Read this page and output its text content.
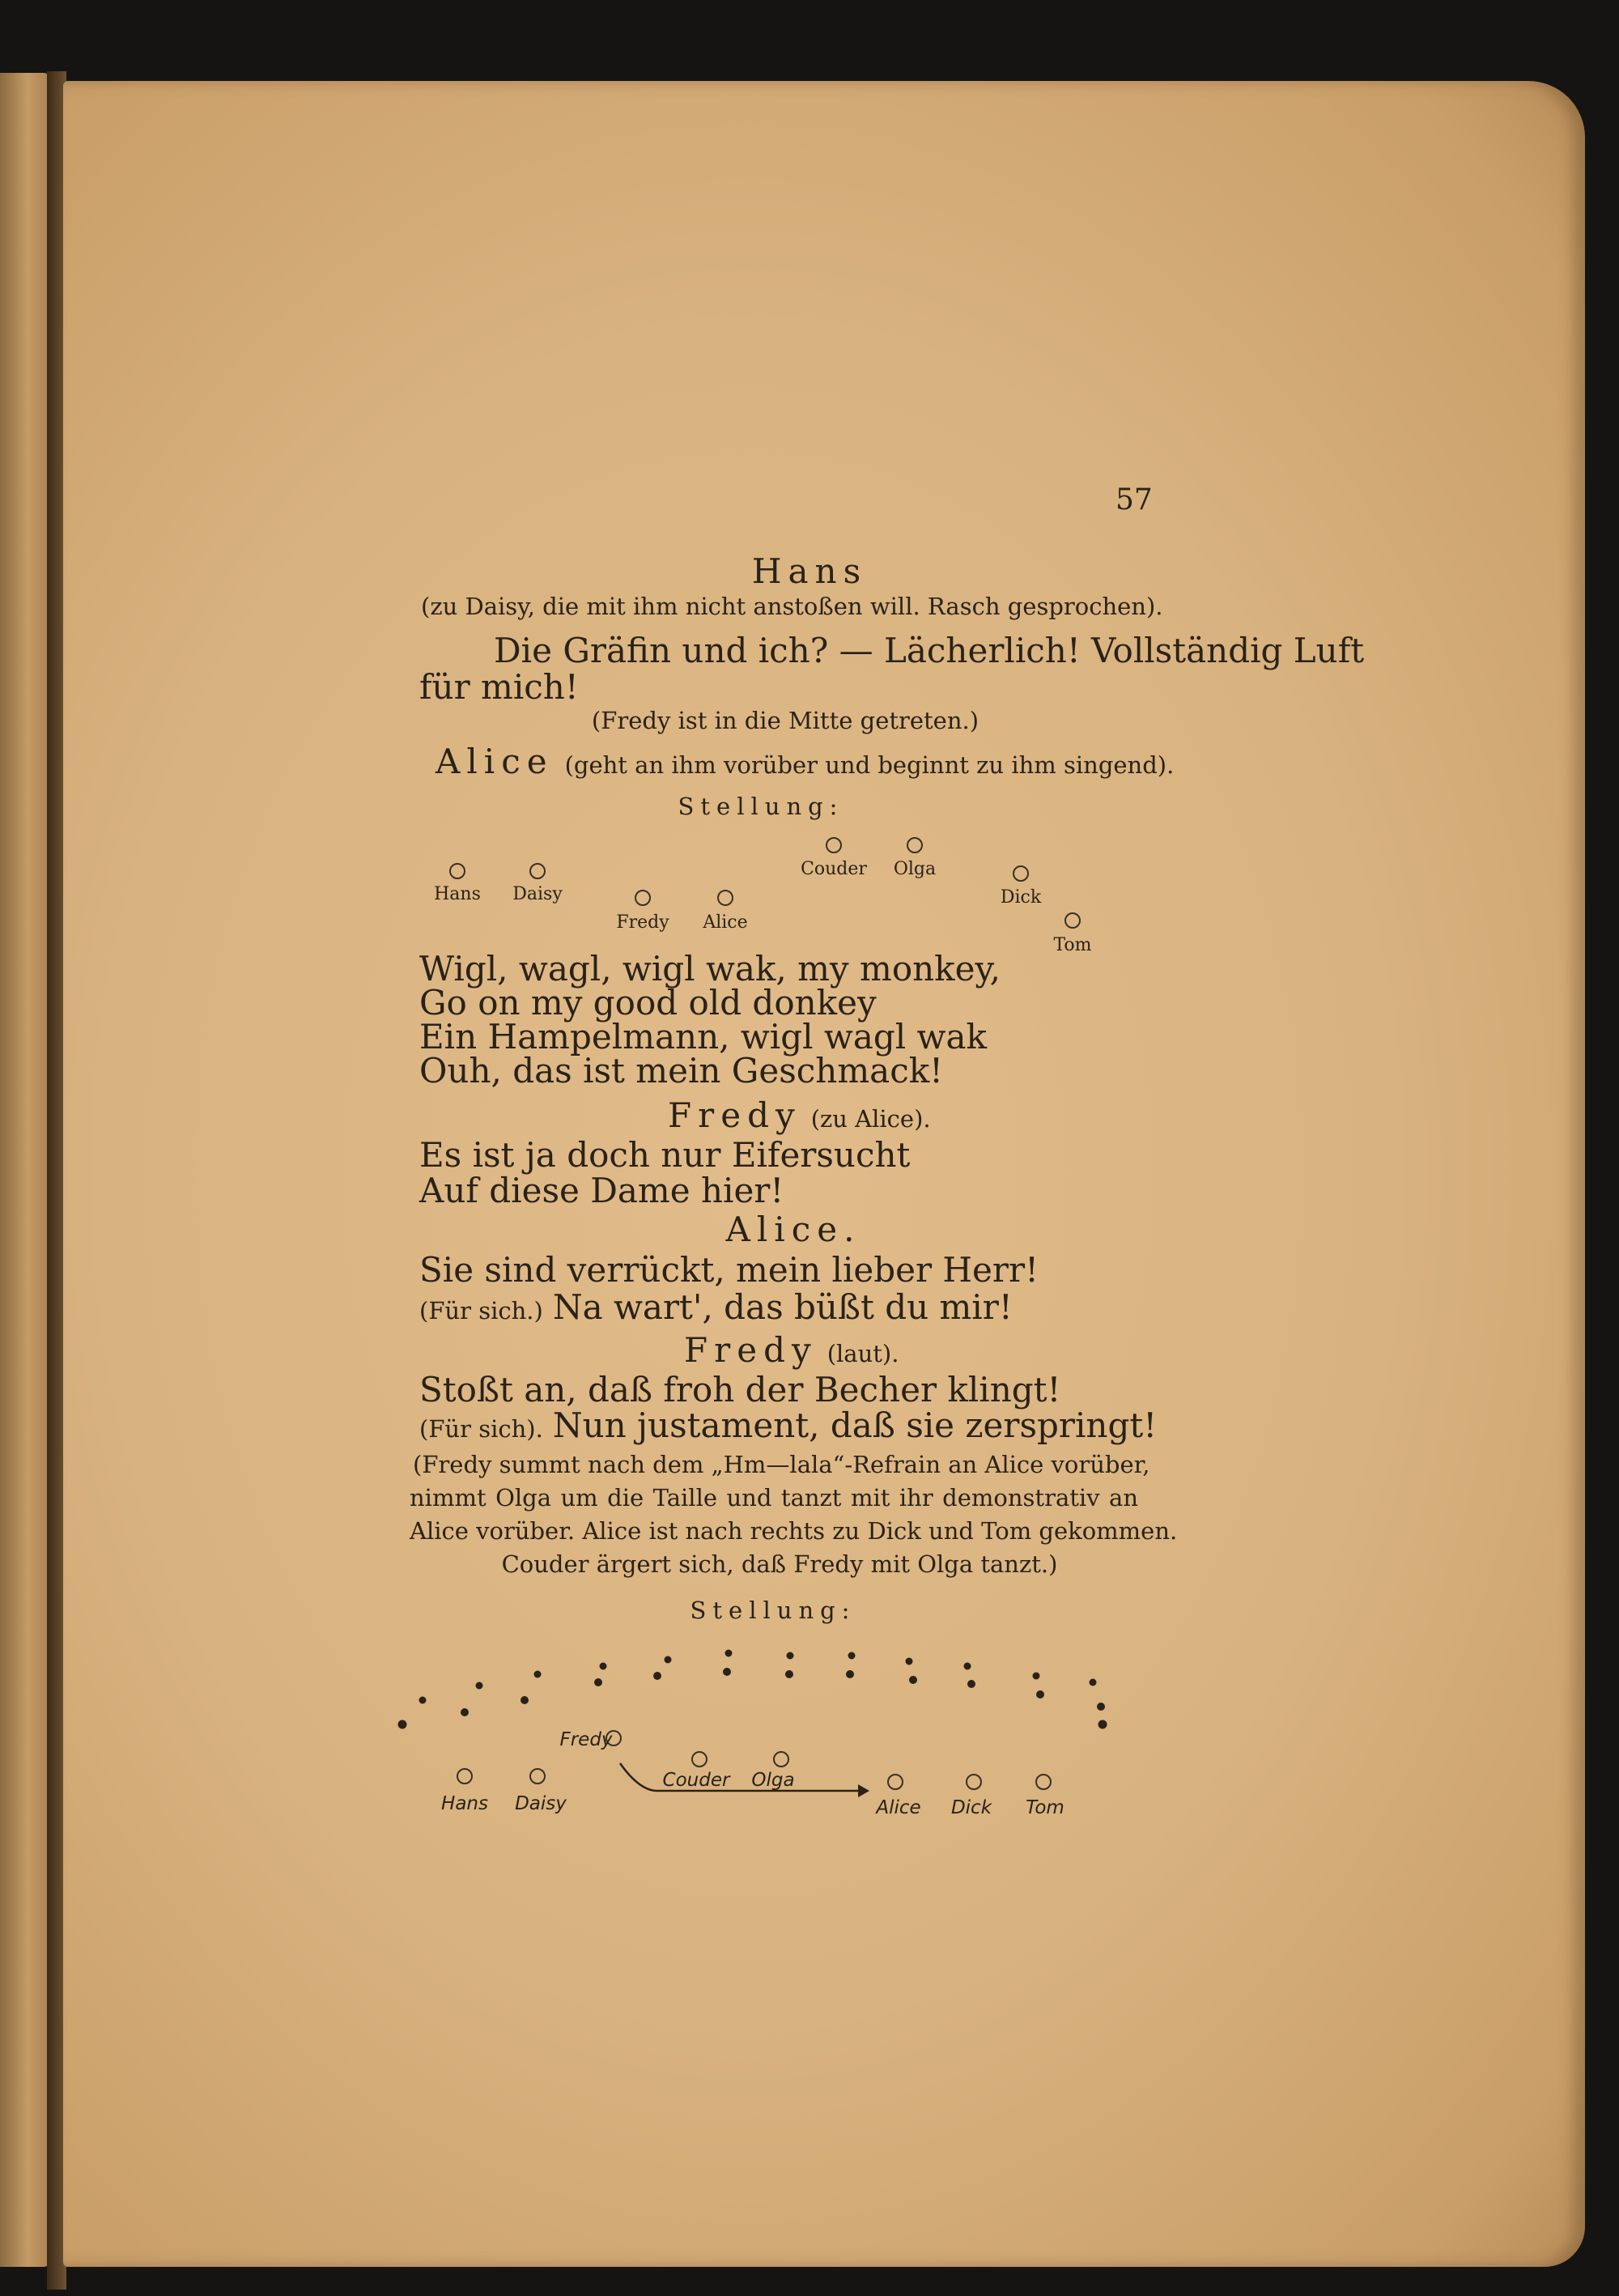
57
Hans
(zu Daisy, die mit ihm nicht anstoßen will. Rasch gesprochen).
Die Gräfin und ich? — Lächerlich! Vollständig Luft
für mich!
(Fredy ist in die Mitte getreten.)
Alice (geht an ihm vorüber und beginnt zu ihm singend).
Stellung:
Hans Daisy
Fredy Alice
Couder Olga
Dick
Tom
Wigl, wagl, wigl wak, my monkey,
Go on my good old donkey
Ein Hampelmann, wigl wagl wak
Ouh, das ist mein Geschmack!
Fredy (zu Alice).
Es ist ja doch nur Eifersucht
Auf diese Dame hier!
Alice.
Sie sind verrückt, mein lieber Herr!
(Für sich.) Na wart', das büßt du mir!
Fredy (laut).
Stoßt an, daß froh der Becher klingt!
(Für sich). Nun justament, daß sie zerspringt!
(Fredy summt nach dem „Hm—lala“-Refrain an Alice vorüber,
nimmt Olga um die Taille und tanzt mit ihr demonstrativ an
Alice vorüber. Alice ist nach rechts zu Dick und Tom gekommen.
Couder ärgert sich, daß Fredy mit Olga tanzt.)
Stellung:
Fredy
Hans Daisy
Couder Olga
Alice Dick Tom
